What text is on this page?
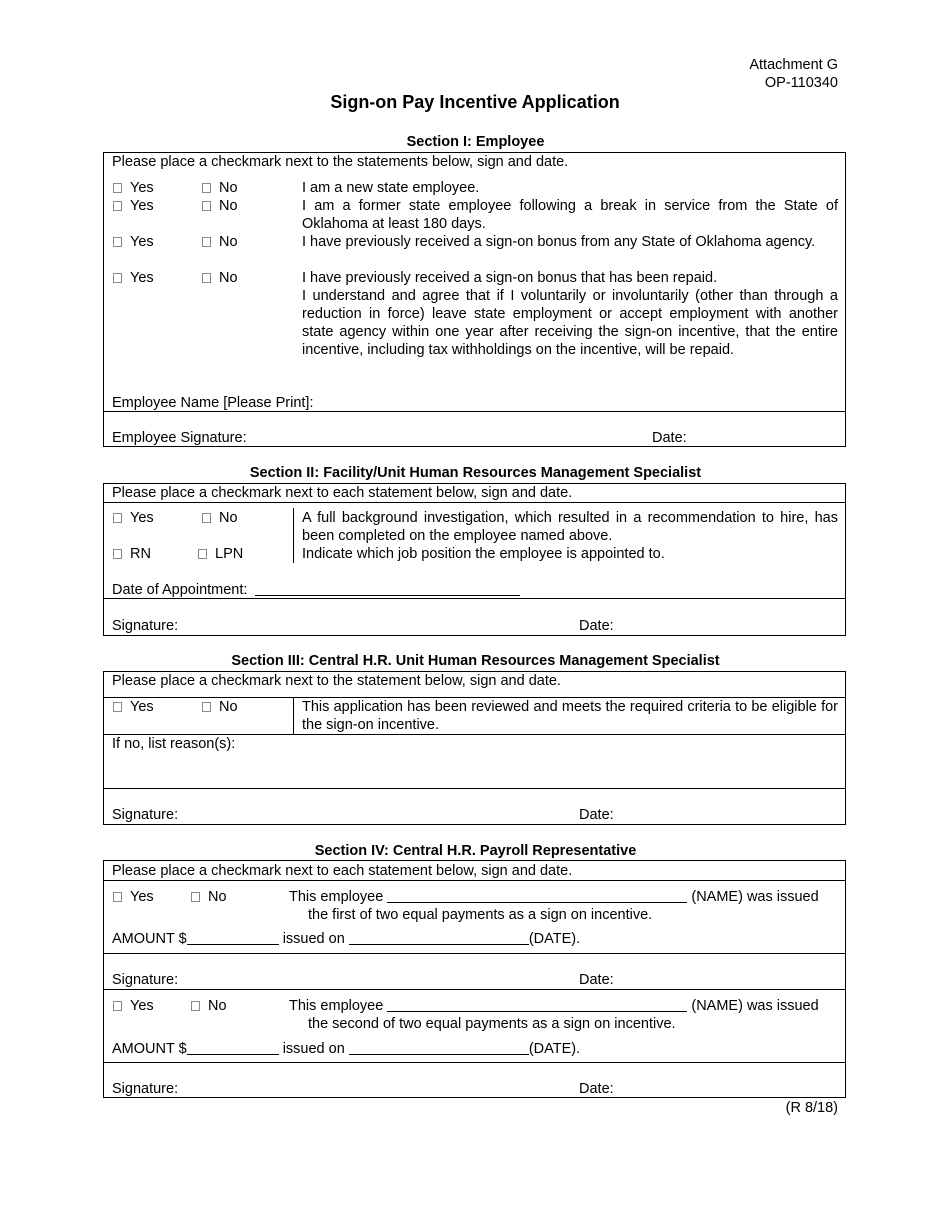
Attachment G
OP-110340
Sign-on Pay Incentive Application
Section I: Employee
Please place a checkmark next to the statements below, sign and date.
Yes	No	I am a new state employee.
Yes	No	I am a former state employee following a break in service from the State of Oklahoma at least 180 days.
Yes	No	I have previously received a sign-on bonus from any State of Oklahoma agency.
Yes	No	I have previously received a sign-on bonus that has been repaid.
I understand and agree that if I voluntarily or involuntarily (other than through a reduction in force) leave state employment or accept employment with another state agency within one year after receiving the sign-on incentive, that the entire incentive, including tax withholdings on the incentive, will be repaid.
Employee Name [Please Print]:
Employee Signature:	Date:
Section II: Facility/Unit Human Resources Management Specialist
Please place a checkmark next to each statement below, sign and date.
Yes	No	A full background investigation, which resulted in a recommendation to hire, has been completed on the employee named above.
RN	LPN	Indicate which job position the employee is appointed to.
Date of Appointment:
Signature:	Date:
Section III: Central H.R. Unit Human Resources Management Specialist
Please place a checkmark next to the statement below, sign and date.
Yes	No	This application has been reviewed and meets the required criteria to be eligible for the sign-on incentive.
If no, list reason(s):
Signature:	Date:
Section IV: Central H.R. Payroll Representative
Please place a checkmark next to each statement below, sign and date.
Yes	No	This employee	(NAME) was issued
the first of two equal payments as a sign on incentive.
AMOUNT $	issued on	(DATE).
Signature:	Date:
Yes	No	This employee	(NAME) was issued
the second of two equal payments as a sign on incentive.
AMOUNT $	issued on	(DATE).
Signature:	Date:
(R 8/18)
